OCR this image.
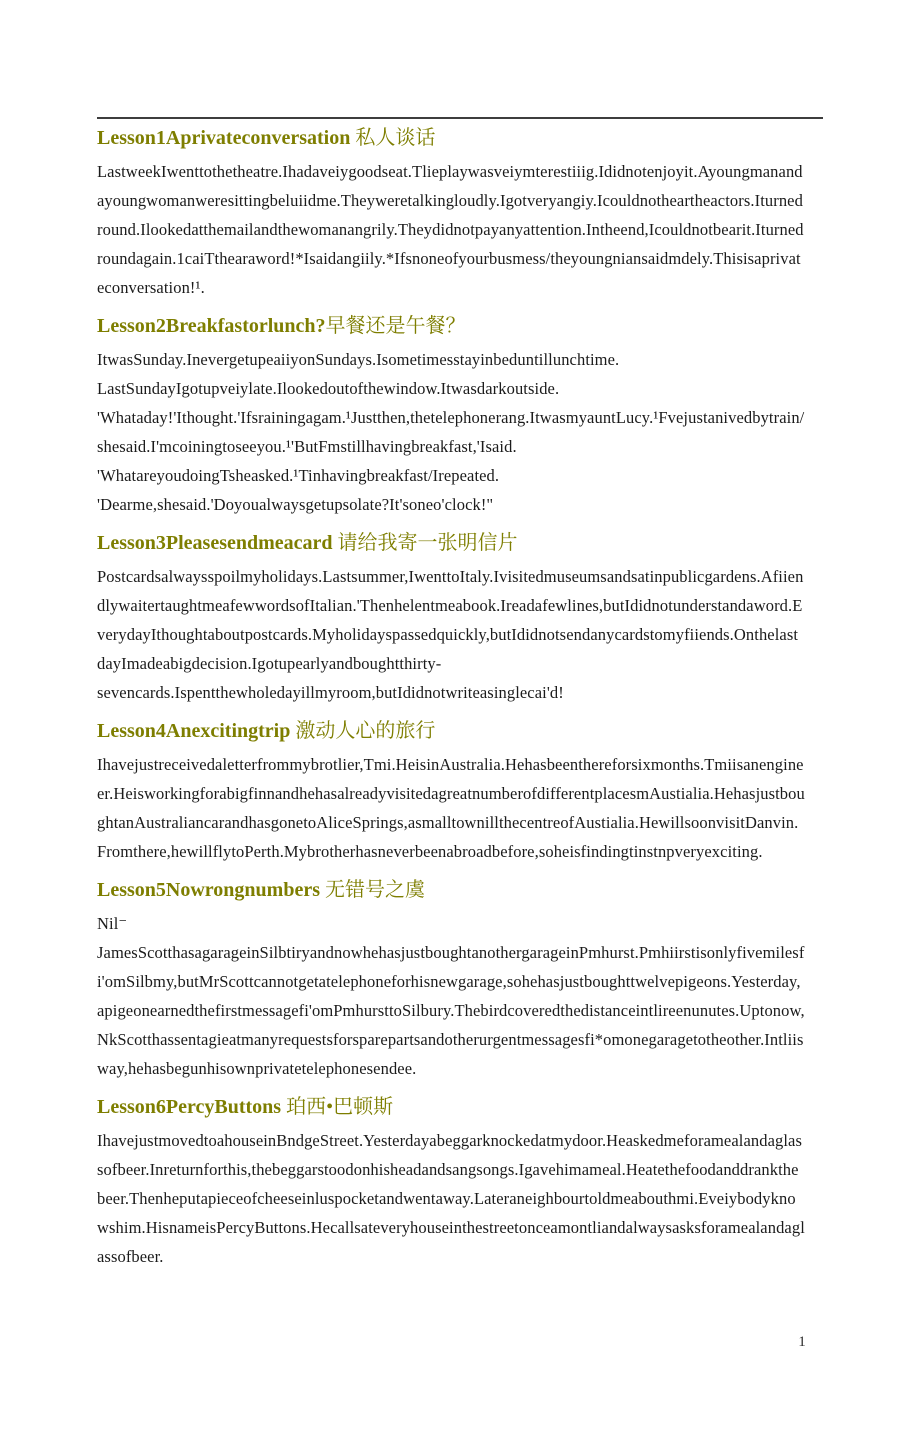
Lesson1Aprivateconversation 私人谈话

LastweekIwenttothetheatre.Ihadaveiygoodseat.Tlieplaywasveiymterestiiig.Ididnotenjoyit.Ayoungmanand

ayoungwomanweresittingbeluiidme.Theyweretalkingloudly.Igotveryangiy.Icouldnotheartheactors.Iturned

round.Ilookedatthemailandthewomanangrily.Theydidnotpayanyattention.Intheend,Icouldnotbearit.Iturned

roundagain.1caiTthearaword!*Isaidangiily.*Ifsnoneofyourbusmess/theyoungniansaidmdely.Thisisaprivat

econversation!¹.

Lesson2Breakfastorlunch?早餐还是午餐？

ItwasSunday.InevergetupeaiiyonSundays.Isometimesstayinbeduntillunchtime.

LastSundayIgotupveiylate.Ilookedoutofthewindow.Itwasdarkoutside.

'Whataday!'Ithought.'Ifsrainingagam.¹Justthen,thetelephonerang.ItwasmyauntLucy.¹Fvejustanivedbytrain/

shesaid.I'mcoiningtoseeyou.¹'ButFmstillhavingbreakfast,'Isaid.

'WhatareyoudoingTsheasked.¹Tinhavingbreakfast/Irepeated.

'Dearme,shesaid.'Doyoualwaysgetupsolate?It'soneo'clock!"

Lesson3Pleasesendmeacard 请给我寄一张明信片

Postcardsalwaysspoilmyholidays.Lastsummer,IwenttoItaly.Ivisitedmuseumsandsatinpublicgardens.Afiien

dlywaitertaughtmeafewwordsofItalian.'Thenhelentmeabook.Ireadafewlines,butIdidnotunderstandaword.E

verydayIthoughtaboutpostcards.Myholidayspassedquickly,butIdidnotsendanycardstomyfiiends.Onthelast

dayImadeabigdecision.Igotupearlyandboughtthirty-

sevencards.Ispentthewholedayillmyroom,butIdidnotwriteasinglecai'd!

Lesson4Anexcitingtrip 激动人心的旅行

Ihavejustreceivedaletterfrommybrotlier,Tmi.HeisinAustralia.Hehasbeenthereforsixmonths.Tmiisanengine

er.HeisworkingforabigfinnandhehasalreadyvisitedagreatnumberofdifferentplacesmAustialia.Hehasjustbou

ghtanAustraliancarandhasgonetoAliceSprings,asmalltownillthecentreofAustialia.HewillsoonvisitDanvin.

Fromthere,hewillflytoPerth.Mybrotherhasneverbeenabroadbefore,soheisfindingtinstnpveryexciting.

Lesson5Nowrongnumbers 无错号之虞

Nil⁻

JamesScotthasagarageinSilbtiryandnowhehasjustboughtanothergarageinPmhurst.Pmhiirstisonlyfivemilesf

i'omSilbmy,butMrScottcannotgetatelephoneforhisnewgarage,sohehasjustboughttwelvepigeons.Yesterday,

apigeonearnedthefirstmessagefi'omPmhursttoSilbury.Thebirdcoveredthedistanceintlireenunutes.Uptonow,

NkScotthassentagieatmanyrequestsforsparepartsandotherurgentmessagesfi*omonegaragetotheother.Intliis

way,hehasbegunhisownprivatetelephonesendee.

Lesson6PercyButtons 珀西•巴顿斯

IhavejustmovedtoahouseinBndgeStreet.Yesterdayabeggarknockedatmydoor.Heaskedmeforamealandaglas

sofbeer.Inreturnforthis,thebeggarstoodonhisheadandsangsongs.Igavehimameal.Heatethefoodanddrankthe

beer.Thenheputapieceofcheeseinluspocketandwentaway.Lateraneighbourtoldmeabouthmi.Eveiybodykno

wshim.HisnameisPercyButtons.Hecallsateveryhouseinthestreetonceamontliandalwaysasksforamealandagl

assofbeer.

1
